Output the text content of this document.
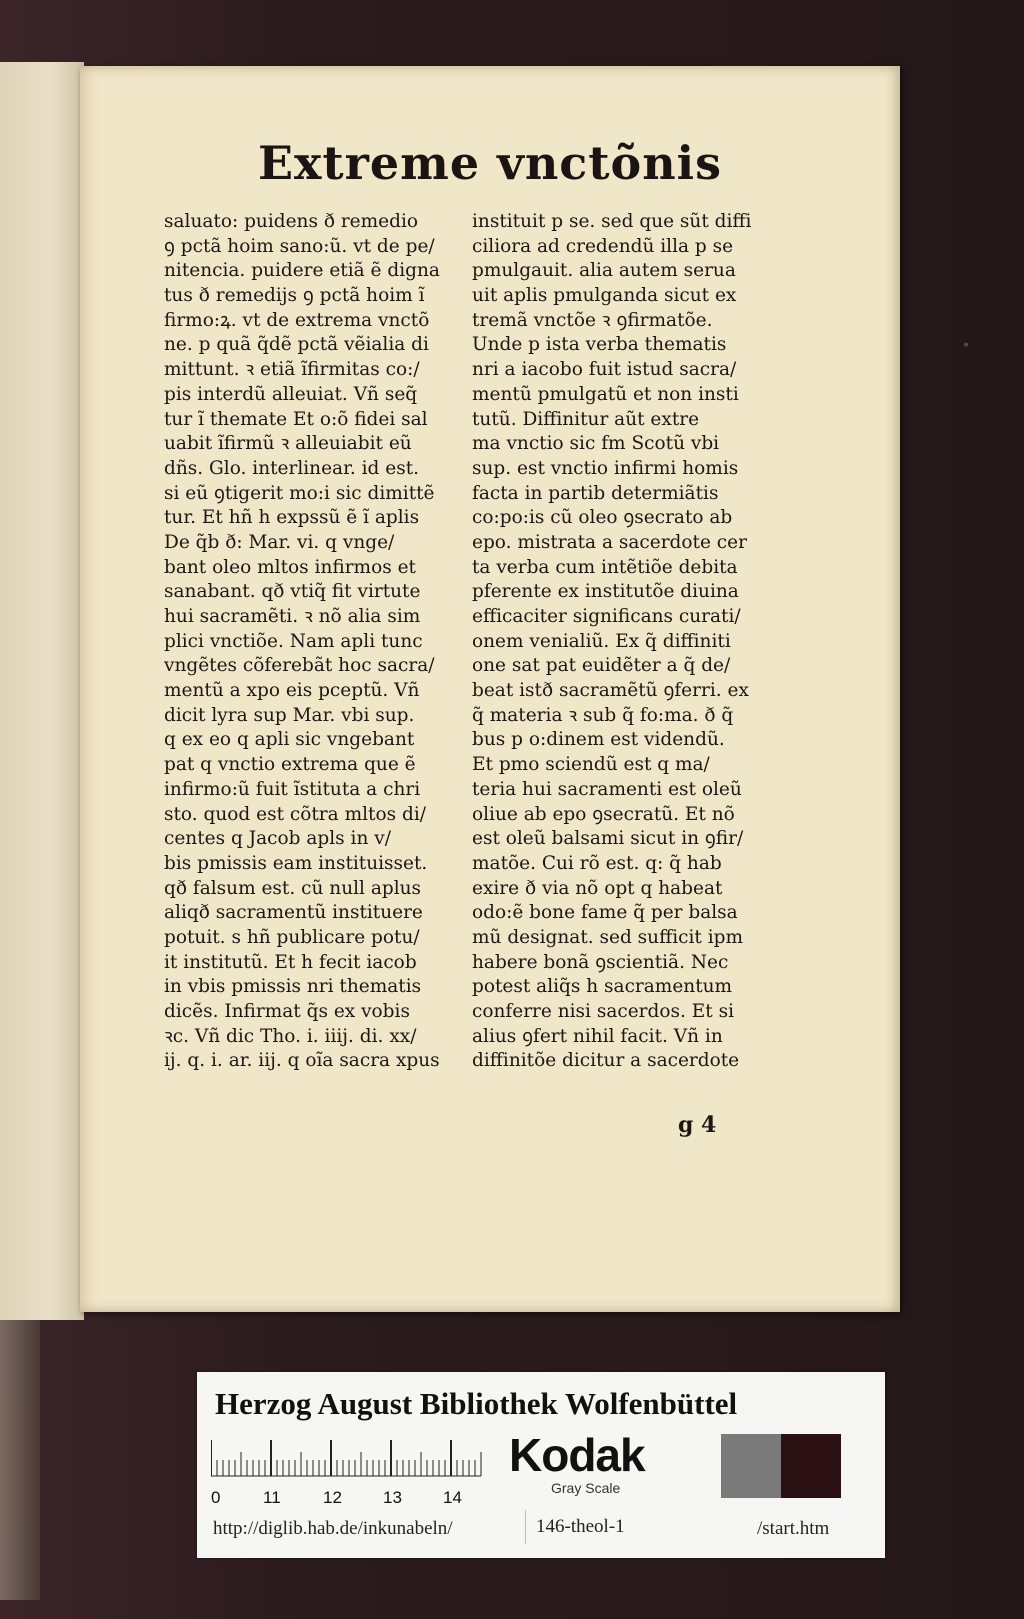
Extreme vnctõnis
saluato: puidens ð remedio
ꝯ pctã hoim sano:ũ. vt de pe/
nitencia. puidere etiã ẽ digna
tus ð remedijs ꝯ pctã hoim ĩ
firmo:ꝝ. vt de extrema vnctõ
ne. p quã q̃dẽ pctã vẽialia di
mittunt. ꝛ etiã ĩfirmitas co:/
pis interdũ alleuiat. Vñ seq̃
tur ĩ themate Et o:õ fidei sal
uabit ĩfirmũ ꝛ alleuiabit eũ
dñs. Glo. interlinear. id est.
si eũ ꝯtigerit mo:i sic dimittẽ
tur. Et hñ h expssũ ẽ ĩ aplis
De q̃b ð: Mar. vi. q vnge/
bant oleo mltos infirmos et
sanabant. qð vtiq̃ fit virtute
hui sacramẽti. ꝛ nõ alia sim
plici vnctiõe. Nam apli tunc
vngẽtes cõferebãt hoc sacra/
mentũ a xpo eis pceptũ. Vñ
dicit lyra sup Mar. vbi sup.
q ex eo q apli sic vngebant
pat q vnctio extrema que ẽ
infirmo:ũ fuit ĩstituta a chri
sto. quod est cõtra mltos di/
centes q Jacob apls in v/
bis pmissis eam instituisset.
qð falsum est. cũ null aplus
aliqð sacramentũ instituere
potuit. s hñ publicare potu/
it institutũ. Et h fecit iacob
in vbis pmissis nri thematis
dicẽs. Infirmat q̃s ex vobis
ꝛc. Vñ dic Tho. i. iiij. di. xx/
ij. q. i. ar. iij. q oĩa sacra xpus
instituit p se. sed que sũt diffi
ciliora ad credendũ illa p se
pmulgauit. alia autem serua
uit aplis pmulganda sicut ex
tremã vnctõe ꝛ ꝯfirmatõe.
Unde p ista verba thematis
nri a iacobo fuit istud sacra/
mentũ pmulgatũ et non insti
tutũ. Diffinitur aũt extre
ma vnctio sic fm Scotũ vbi
sup. est vnctio infirmi homis
facta in partib determiãtis
co:po:is cũ oleo ꝯsecrato ab
epo. mistrata a sacerdote cer
ta verba cum intẽtiõe debita
pferente ex institutõe diuina
efficaciter significans curati/
onem venialiũ. Ex q̃ diffiniti
one sat pat euidẽter a q̃ de/
beat istð sacramẽtũ ꝯferri. ex
q̃ materia ꝛ sub q̃ fo:ma. ð q̃
bus p o:dinem est videndũ.
Et pmo sciendũ est q ma/
teria hui sacramenti est oleũ
oliue ab epo ꝯsecratũ. Et nõ
est oleũ balsami sicut in ꝯfir/
matõe. Cui rõ est. q: q̃ hab
exire ð via nõ opt q habeat
odo:ẽ bone fame q̃ per balsa
mũ designat. sed sufficit ipm
habere bonã ꝯscientiã. Nec
potest aliq̃s h sacramentum
conferre nisi sacerdos. Et si
alius ꝯfert nihil facit. Vñ in
diffinitõe dicitur a sacerdote
g 4
•
Herzog August Bibliothek Wolfenbüttel
0	11 12 13 14
Kodak
Gray Scale
http://diglib.hab.de/inkunabeln/	146-theol-1	/start.htm
